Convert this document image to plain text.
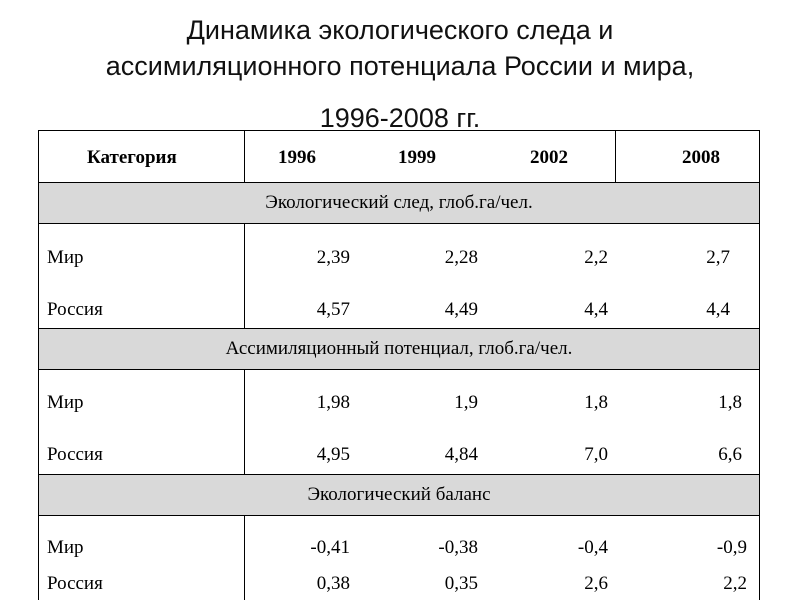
Динамика экологического следа и
ассимиляционного потенциала России и мира,
1996-2008 гг.
Категория	1996	1999	2002	2008
Экологический след, глоб.га/чел.
Мир	2,39	2,28	2,2	2,7
Россия	4,57	4,49	4,4	4,4
Ассимиляционный потенциал, глоб.га/чел.
Мир	1,98	1,9	1,8	1,8
Россия	4,95	4,84	7,0	6,6
Экологический баланс
Мир	-0,41	-0,38	-0,4	-0,9
Россия	0,38	0,35	2,6	2,2
